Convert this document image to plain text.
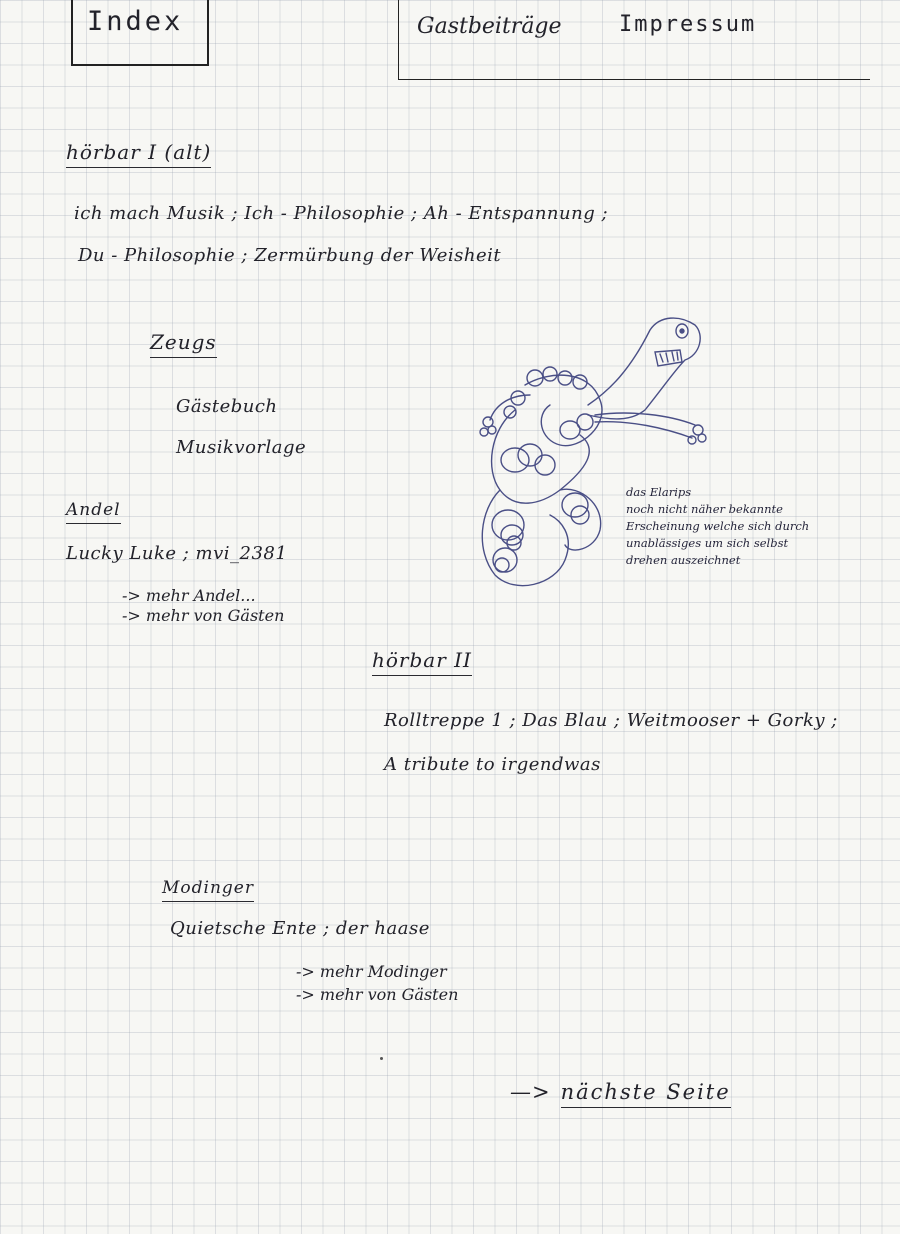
Index	Gastbeiträge	Impressum
hörbar I (alt)
ich mach Musik ; Ich - Philosophie ; Ah - Entspannung ;
Du - Philosophie ; Zermürbung der Weisheit
Zeugs
Gästebuch
Musikvorlage
Andel
Lucky Luke ; mvi_2381
-> mehr Andel...
-> mehr von Gästen
das Elarips
noch nicht näher bekannte
Erscheinung welche sich durch
unablässiges um sich selbst
drehen auszeichnet
hörbar II
Rolltreppe 1 ; Das Blau ; Weitmooser + Gorky ;
A tribute to irgendwas
Modinger
Quietsche Ente ; der haase
-> mehr Modinger
-> mehr von Gästen
—> nächste Seite
